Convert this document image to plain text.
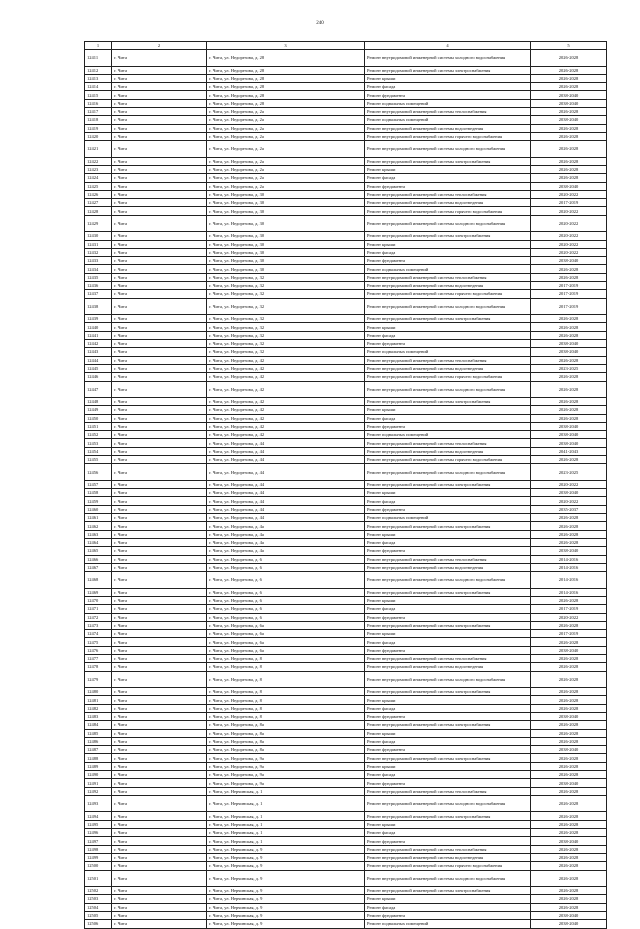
240
1	2	3	4	5
12411	г. Чита	г. Чита, ул. Недорезова, д. 28	Ремонт внутридомовой инженерной системы холодного водоснабжения	2026-2028
12412	г. Чита	г. Чита, ул. Недорезова, д. 28	Ремонт внутридомовой инженерной системы электроснабжения	2026-2028
12413	г. Чита	г. Чита, ул. Недорезова, д. 28	Ремонт крыши	2026-2028
12414	г. Чита	г. Чита, ул. Недорезова, д. 28	Ремонт фасада	2026-2028
12415	г. Чита	г. Чита, ул. Недорезова, д. 28	Ремонт фундамента	2038-2040
12416	г. Чита	г. Чита, ул. Недорезова, д. 28	Ремонт подвальных помещений	2038-2040
12417	г. Чита	г. Чита, ул. Недорезова, д. 2а	Ремонт внутридомовой инженерной системы теплоснабжения	2026-2028
12418	г. Чита	г. Чита, ул. Недорезова, д. 2а	Ремонт подвальных помещений	2038-2040
12419	г. Чита	г. Чита, ул. Недорезова, д. 2а	Ремонт внутридомовой инженерной системы водоотведения	2026-2028
12420	г. Чита	г. Чита, ул. Недорезова, д. 2а	Ремонт внутридомовой инженерной системы горячего водоснабжения	2026-2028
12421	г. Чита	г. Чита, ул. Недорезова, д. 2а	Ремонт внутридомовой инженерной системы холодного водоснабжения	2026-2028
12422	г. Чита	г. Чита, ул. Недорезова, д. 2а	Ремонт внутридомовой инженерной системы электроснабжения	2026-2028
12423	г. Чита	г. Чита, ул. Недорезова, д. 2а	Ремонт крыши	2026-2028
12424	г. Чита	г. Чита, ул. Недорезова, д. 2а	Ремонт фасада	2026-2028
12425	г. Чита	г. Чита, ул. Недорезова, д. 2а	Ремонт фундамента	2038-2040
12426	г. Чита	г. Чита, ул. Недорезова, д. 30	Ремонт внутридомовой инженерной системы теплоснабжения	2020-2022
12427	г. Чита	г. Чита, ул. Недорезова, д. 30	Ремонт внутридомовой инженерной системы водоотведения	2017-2019
12428	г. Чита	г. Чита, ул. Недорезова, д. 30	Ремонт внутридомовой инженерной системы горячего водоснабжения	2020-2022
12429	г. Чита	г. Чита, ул. Недорезова, д. 30	Ремонт внутридомовой инженерной системы холодного водоснабжения	2020-2022
12430	г. Чита	г. Чита, ул. Недорезова, д. 30	Ремонт внутридомовой инженерной системы электроснабжения	2020-2022
12431	г. Чита	г. Чита, ул. Недорезова, д. 30	Ремонт крыши	2020-2022
12432	г. Чита	г. Чита, ул. Недорезова, д. 30	Ремонт фасада	2020-2022
12433	г. Чита	г. Чита, ул. Недорезова, д. 30	Ремонт фундамента	2038-2040
12434	г. Чита	г. Чита, ул. Недорезова, д. 30	Ремонт подвальных помещений	2026-2028
12435	г. Чита	г. Чита, ул. Недорезова, д. 32	Ремонт внутридомовой инженерной системы теплоснабжения	2026-2028
12436	г. Чита	г. Чита, ул. Недорезова, д. 32	Ремонт внутридомовой инженерной системы водоотведения	2017-2019
12437	г. Чита	г. Чита, ул. Недорезова, д. 32	Ремонт внутридомовой инженерной системы горячего водоснабжения	2017-2019
12438	г. Чита	г. Чита, ул. Недорезова, д. 32	Ремонт внутридомовой инженерной системы холодного водоснабжения	2017-2019
12439	г. Чита	г. Чита, ул. Недорезова, д. 32	Ремонт внутридомовой инженерной системы электроснабжения	2026-2028
12440	г. Чита	г. Чита, ул. Недорезова, д. 32	Ремонт крыши	2026-2028
12441	г. Чита	г. Чита, ул. Недорезова, д. 32	Ремонт фасада	2026-2028
12442	г. Чита	г. Чита, ул. Недорезова, д. 32	Ремонт фундамента	2038-2040
12443	г. Чита	г. Чита, ул. Недорезова, д. 32	Ремонт подвальных помещений	2038-2040
12444	г. Чита	г. Чита, ул. Недорезова, д. 42	Ремонт внутридомовой инженерной системы теплоснабжения	2026-2028
12445	г. Чита	г. Чита, ул. Недорезова, д. 42	Ремонт внутридомовой инженерной системы водоотведения	2023-2025
12446	г. Чита	г. Чита, ул. Недорезова, д. 42	Ремонт внутридомовой инженерной системы горячего водоснабжения	2026-2028
12447	г. Чита	г. Чита, ул. Недорезова, д. 42	Ремонт внутридомовой инженерной системы холодного водоснабжения	2026-2028
12448	г. Чита	г. Чита, ул. Недорезова, д. 42	Ремонт внутридомовой инженерной системы электроснабжения	2026-2028
12449	г. Чита	г. Чита, ул. Недорезова, д. 42	Ремонт крыши	2026-2028
12450	г. Чита	г. Чита, ул. Недорезова, д. 42	Ремонт фасада	2026-2028
12451	г. Чита	г. Чита, ул. Недорезова, д. 42	Ремонт фундамента	2038-2040
12452	г. Чита	г. Чита, ул. Недорезова, д. 42	Ремонт подвальных помещений	2038-2040
12453	г. Чита	г. Чита, ул. Недорезова, д. 44	Ремонт внутридомовой инженерной системы теплоснабжения	2038-2040
12454	г. Чита	г. Чита, ул. Недорезова, д. 44	Ремонт внутридомовой инженерной системы водоотведения	2041-2043
12455	г. Чита	г. Чита, ул. Недорезова, д. 44	Ремонт внутридомовой инженерной системы горячего водоснабжения	2026-2028
12456	г. Чита	г. Чита, ул. Недорезова, д. 44	Ремонт внутридомовой инженерной системы холодного водоснабжения	2023-2025
12457	г. Чита	г. Чита, ул. Недорезова, д. 44	Ремонт внутридомовой инженерной системы электроснабжения	2020-2022
12458	г. Чита	г. Чита, ул. Недорезова, д. 44	Ремонт крыши	2038-2040
12459	г. Чита	г. Чита, ул. Недорезова, д. 44	Ремонт фасада	2020-2022
12460	г. Чита	г. Чита, ул. Недорезова, д. 44	Ремонт фундамента	2035-2037
12461	г. Чита	г. Чита, ул. Недорезова, д. 44	Ремонт подвальных помещений	2026-2028
12462	г. Чита	г. Чита, ул. Недорезова, д. 4а	Ремонт внутридомовой инженерной системы электроснабжения	2026-2028
12463	г. Чита	г. Чита, ул. Недорезова, д. 4а	Ремонт крыши	2026-2028
12464	г. Чита	г. Чита, ул. Недорезова, д. 4а	Ремонт фасада	2026-2028
12465	г. Чита	г. Чита, ул. Недорезова, д. 4а	Ремонт фундамента	2038-2040
12466	г. Чита	г. Чита, ул. Недорезова, д. 6	Ремонт внутридомовой инженерной системы теплоснабжения	2014-2016
12467	г. Чита	г. Чита, ул. Недорезова, д. 6	Ремонт внутридомовой инженерной системы водоотведения	2014-2016
12468	г. Чита	г. Чита, ул. Недорезова, д. 6	Ремонт внутридомовой инженерной системы холодного водоснабжения	2014-2016
12469	г. Чита	г. Чита, ул. Недорезова, д. 6	Ремонт внутридомовой инженерной системы электроснабжения	2014-2016
12470	г. Чита	г. Чита, ул. Недорезова, д. 6	Ремонт крыши	2026-2028
12471	г. Чита	г. Чита, ул. Недорезова, д. 6	Ремонт фасада	2017-2019
12472	г. Чита	г. Чита, ул. Недорезова, д. 6	Ремонт фундамента	2020-2022
12473	г. Чита	г. Чита, ул. Недорезова, д. 6а	Ремонт внутридомовой инженерной системы электроснабжения	2026-2028
12474	г. Чита	г. Чита, ул. Недорезова, д. 6а	Ремонт крыши	2017-2019
12475	г. Чита	г. Чита, ул. Недорезова, д. 6а	Ремонт фасада	2026-2028
12476	г. Чита	г. Чита, ул. Недорезова, д. 6а	Ремонт фундамента	2038-2040
12477	г. Чита	г. Чита, ул. Недорезова, д. 8	Ремонт внутридомовой инженерной системы теплоснабжения	2026-2028
12478	г. Чита	г. Чита, ул. Недорезова, д. 8	Ремонт внутридомовой инженерной системы водоотведения	2026-2028
12479	г. Чита	г. Чита, ул. Недорезова, д. 8	Ремонт внутридомовой инженерной системы холодного водоснабжения	2026-2028
12480	г. Чита	г. Чита, ул. Недорезова, д. 8	Ремонт внутридомовой инженерной системы электроснабжения	2026-2028
12481	г. Чита	г. Чита, ул. Недорезова, д. 8	Ремонт крыши	2026-2028
12482	г. Чита	г. Чита, ул. Недорезова, д. 8	Ремонт фасада	2026-2028
12483	г. Чита	г. Чита, ул. Недорезова, д. 8	Ремонт фундамента	2038-2040
12484	г. Чита	г. Чита, ул. Недорезова, д. 8а	Ремонт внутридомовой инженерной системы электроснабжения	2026-2028
12485	г. Чита	г. Чита, ул. Недорезова, д. 8а	Ремонт крыши	2026-2028
12486	г. Чита	г. Чита, ул. Недорезова, д. 8а	Ремонт фасада	2026-2028
12487	г. Чита	г. Чита, ул. Недорезова, д. 8а	Ремонт фундамента	2038-2040
12488	г. Чита	г. Чита, ул. Недорезова, д. 9а	Ремонт внутридомовой инженерной системы электроснабжения	2026-2028
12489	г. Чита	г. Чита, ул. Недорезова, д. 9а	Ремонт крыши	2026-2028
12490	г. Чита	г. Чита, ул. Недорезова, д. 9а	Ремонт фасада	2026-2028
12491	г. Чита	г. Чита, ул. Недорезова, д. 9а	Ремонт фундамента	2038-2040
12492	г. Чита	г. Чита, ул. Нерчинская, д. 1	Ремонт внутридомовой инженерной системы теплоснабжения	2026-2028
12493	г. Чита	г. Чита, ул. Нерчинская, д. 1	Ремонт внутридомовой инженерной системы холодного водоснабжения	2026-2028
12494	г. Чита	г. Чита, ул. Нерчинская, д. 1	Ремонт внутридомовой инженерной системы электроснабжения	2026-2028
12495	г. Чита	г. Чита, ул. Нерчинская, д. 1	Ремонт крыши	2026-2028
12496	г. Чита	г. Чита, ул. Нерчинская, д. 1	Ремонт фасада	2026-2028
12497	г. Чита	г. Чита, ул. Нерчинская, д. 1	Ремонт фундамента	2038-2040
12498	г. Чита	г. Чита, ул. Нерчинская, д. 9	Ремонт внутридомовой инженерной системы теплоснабжения	2026-2028
12499	г. Чита	г. Чита, ул. Нерчинская, д. 9	Ремонт внутридомовой инженерной системы водоотведения	2026-2028
12500	г. Чита	г. Чита, ул. Нерчинская, д. 9	Ремонт внутридомовой инженерной системы горячего водоснабжения	2026-2028
12501	г. Чита	г. Чита, ул. Нерчинская, д. 9	Ремонт внутридомовой инженерной системы холодного водоснабжения	2026-2028
12502	г. Чита	г. Чита, ул. Нерчинская, д. 9	Ремонт внутридомовой инженерной системы электроснабжения	2026-2028
12503	г. Чита	г. Чита, ул. Нерчинская, д. 9	Ремонт крыши	2026-2028
12504	г. Чита	г. Чита, ул. Нерчинская, д. 9	Ремонт фасада	2026-2028
12505	г. Чита	г. Чита, ул. Нерчинская, д. 9	Ремонт фундамента	2038-2040
12506	г. Чита	г. Чита, ул. Нерчинская, д. 9	Ремонт подвальных помещений	2038-2040
